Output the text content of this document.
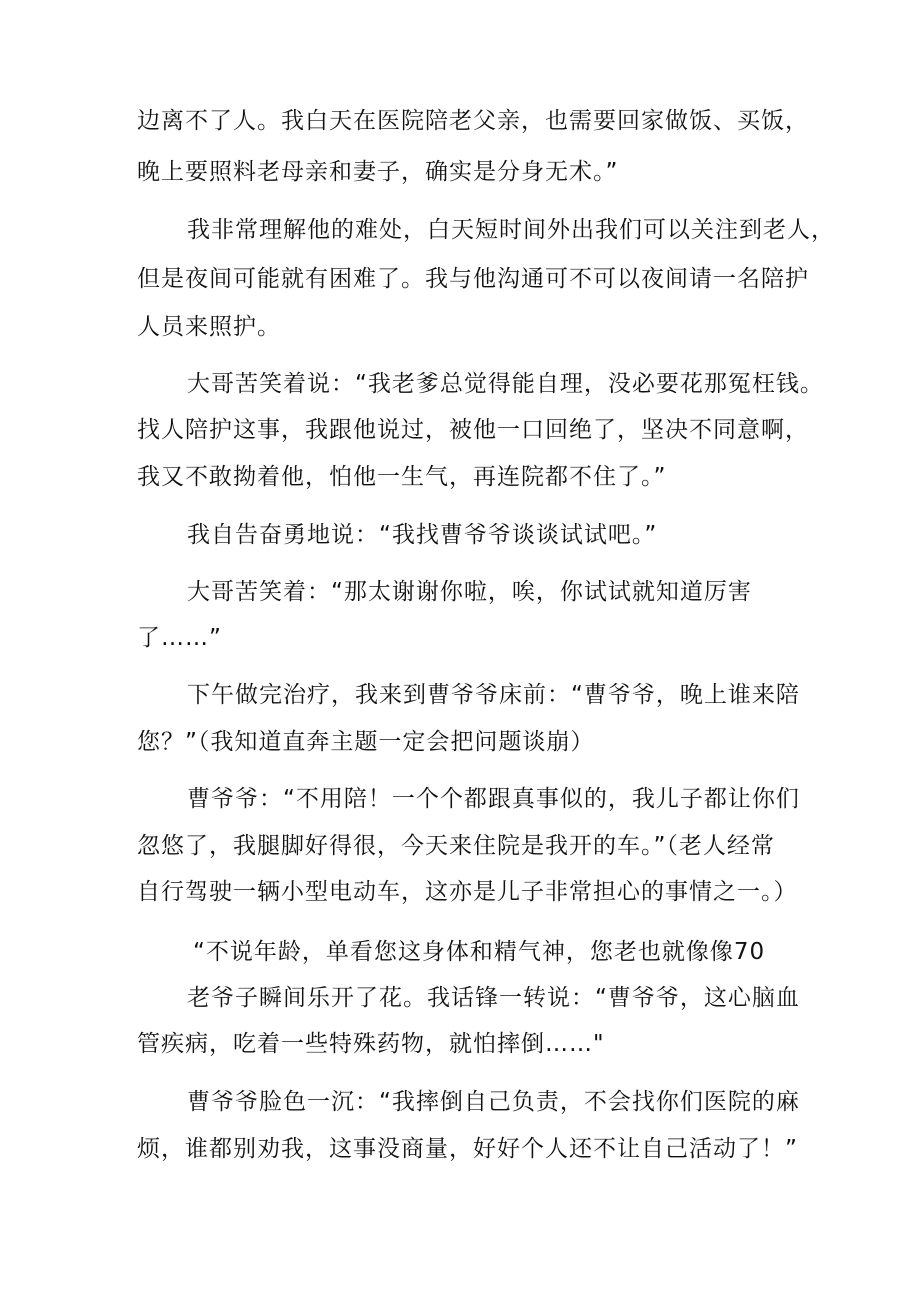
边离不了人。我白天在医院陪老父亲，也需要回家做饭、买饭，

晚上要照料老母亲和妻子，确实是分身无术。”

我非常理解他的难处，白天短时间外出我们可以关注到老人，

但是夜间可能就有困难了。我与他沟通可不可以夜间请一名陪护

人员来照护。

大哥苦笑着说：“我老爹总觉得能自理，没必要花那冤枉钱。

找人陪护这事，我跟他说过，被他一口回绝了，坚决不同意啊，

我又不敢拗着他，怕他一生气，再连院都不住了。”

我自告奋勇地说：“我找曹爷爷谈谈试试吧。”

大哥苦笑着：“那太谢谢你啦，唉，你试试就知道厉害

了……”

下午做完治疗，我来到曹爷爷床前：“曹爷爷，晚上谁来陪

您？”（我知道直奔主题一定会把问题谈崩）

曹爷爷：“不用陪！一个个都跟真事似的，我儿子都让你们

忽悠了，我腿脚好得很，今天来住院是我开的车。”（老人经常

自行驾驶一辆小型电动车，这亦是儿子非常担心的事情之一。）

“不说年龄，单看您这身体和精气神，您老也就像像70

老爷子瞬间乐开了花。我话锋一转说：“曹爷爷，这心脑血

管疾病，吃着一些特殊药物，就怕摔倒……"

曹爷爷脸色一沉：“我摔倒自己负责，不会找你们医院的麻

烦，谁都别劝我，这事没商量，好好个人还不让自己活动了！”
